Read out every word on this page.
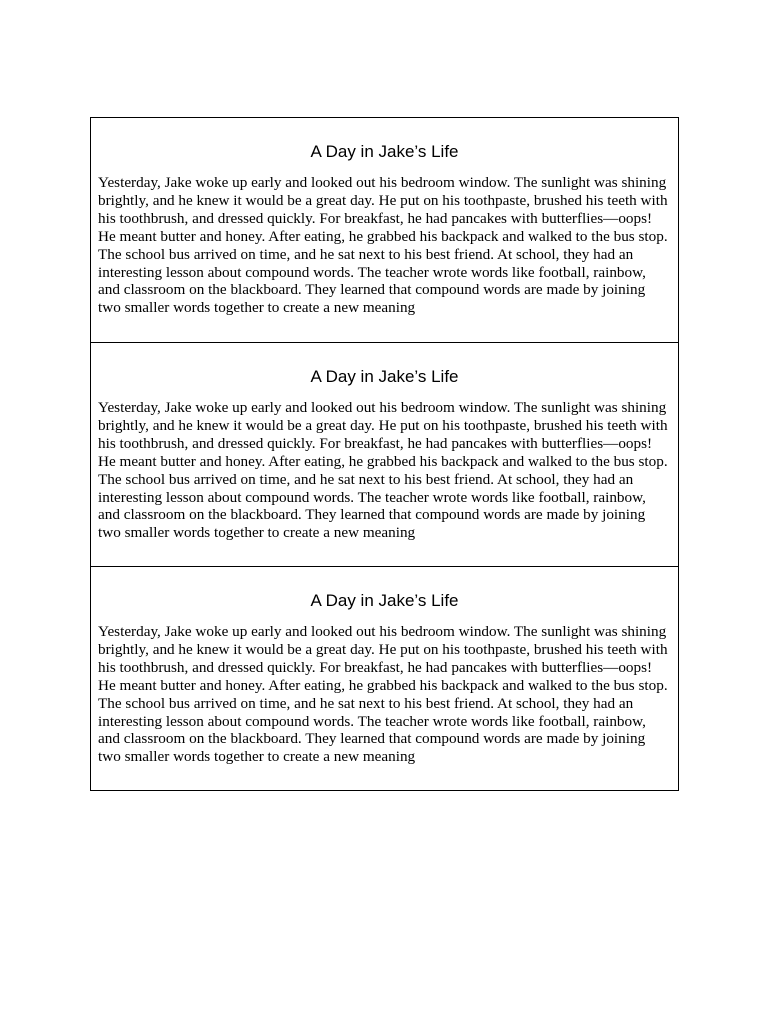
A Day in Jake’s Life

Yesterday, Jake woke up early and looked out his bedroom window. The sunlight was shining brightly, and he knew it would be a great day. He put on his toothpaste, brushed his teeth with his toothbrush, and dressed quickly. For breakfast, he had pancakes with butterflies—oops! He meant butter and honey. After eating, he grabbed his backpack and walked to the bus stop. The school bus arrived on time, and he sat next to his best friend. At school, they had an interesting lesson about compound words. The teacher wrote words like football, rainbow, and classroom on the blackboard. They learned that compound words are made by joining two smaller words together to create a new meaning

A Day in Jake’s Life

Yesterday, Jake woke up early and looked out his bedroom window. The sunlight was shining brightly, and he knew it would be a great day. He put on his toothpaste, brushed his teeth with his toothbrush, and dressed quickly. For breakfast, he had pancakes with butterflies—oops! He meant butter and honey. After eating, he grabbed his backpack and walked to the bus stop. The school bus arrived on time, and he sat next to his best friend. At school, they had an interesting lesson about compound words. The teacher wrote words like football, rainbow, and classroom on the blackboard. They learned that compound words are made by joining two smaller words together to create a new meaning

A Day in Jake’s Life

Yesterday, Jake woke up early and looked out his bedroom window. The sunlight was shining brightly, and he knew it would be a great day. He put on his toothpaste, brushed his teeth with his toothbrush, and dressed quickly. For breakfast, he had pancakes with butterflies—oops! He meant butter and honey. After eating, he grabbed his backpack and walked to the bus stop. The school bus arrived on time, and he sat next to his best friend. At school, they had an interesting lesson about compound words. The teacher wrote words like football, rainbow, and classroom on the blackboard. They learned that compound words are made by joining two smaller words together to create a new meaning
